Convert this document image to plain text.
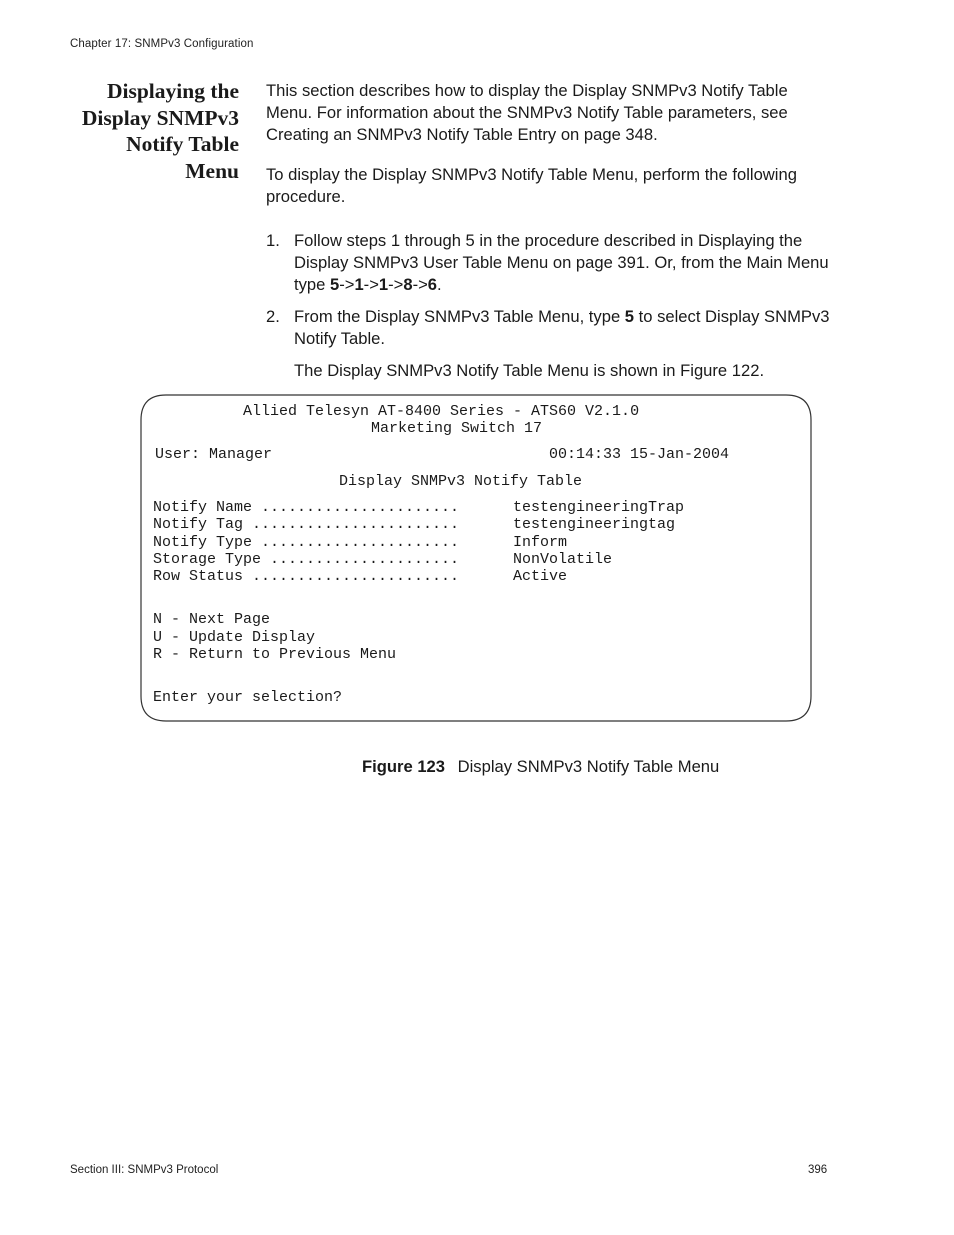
Chapter 17: SNMPv3 Configuration
Displaying the
Display SNMPv3
Notify Table
Menu

This section describes how to display the Display SNMPv3 Notify Table Menu. For information about the SNMPv3 Notify Table parameters, see Creating an SNMPv3 Notify Table Entry on page 348.

To display the Display SNMPv3 Notify Table Menu, perform the following procedure.

1. Follow steps 1 through 5 in the procedure described in Displaying the Display SNMPv3 User Table Menu on page 391. Or, from the Main Menu type 5->1->1->8->6.
2. From the Display SNMPv3 Table Menu, type 5 to select Display SNMPv3 Notify Table.
The Display SNMPv3 Notify Table Menu is shown in Figure 122.
Allied Telesyn AT-8400 Series - ATS60 V2.1.0
Marketing Switch 17
User: Manager	00:14:33 15-Jan-2004
Display SNMPv3 Notify Table
Notify Name ......................	testengineeringTrap
Notify Tag .......................	testengineeringtag
Notify Type ......................	Inform
Storage Type .....................	NonVolatile
Row Status .......................	Active
N - Next Page
U - Update Display
R - Return to Previous Menu
Enter your selection?
Figure 123 Display SNMPv3 Notify Table Menu
Section III: SNMPv3 Protocol	396
